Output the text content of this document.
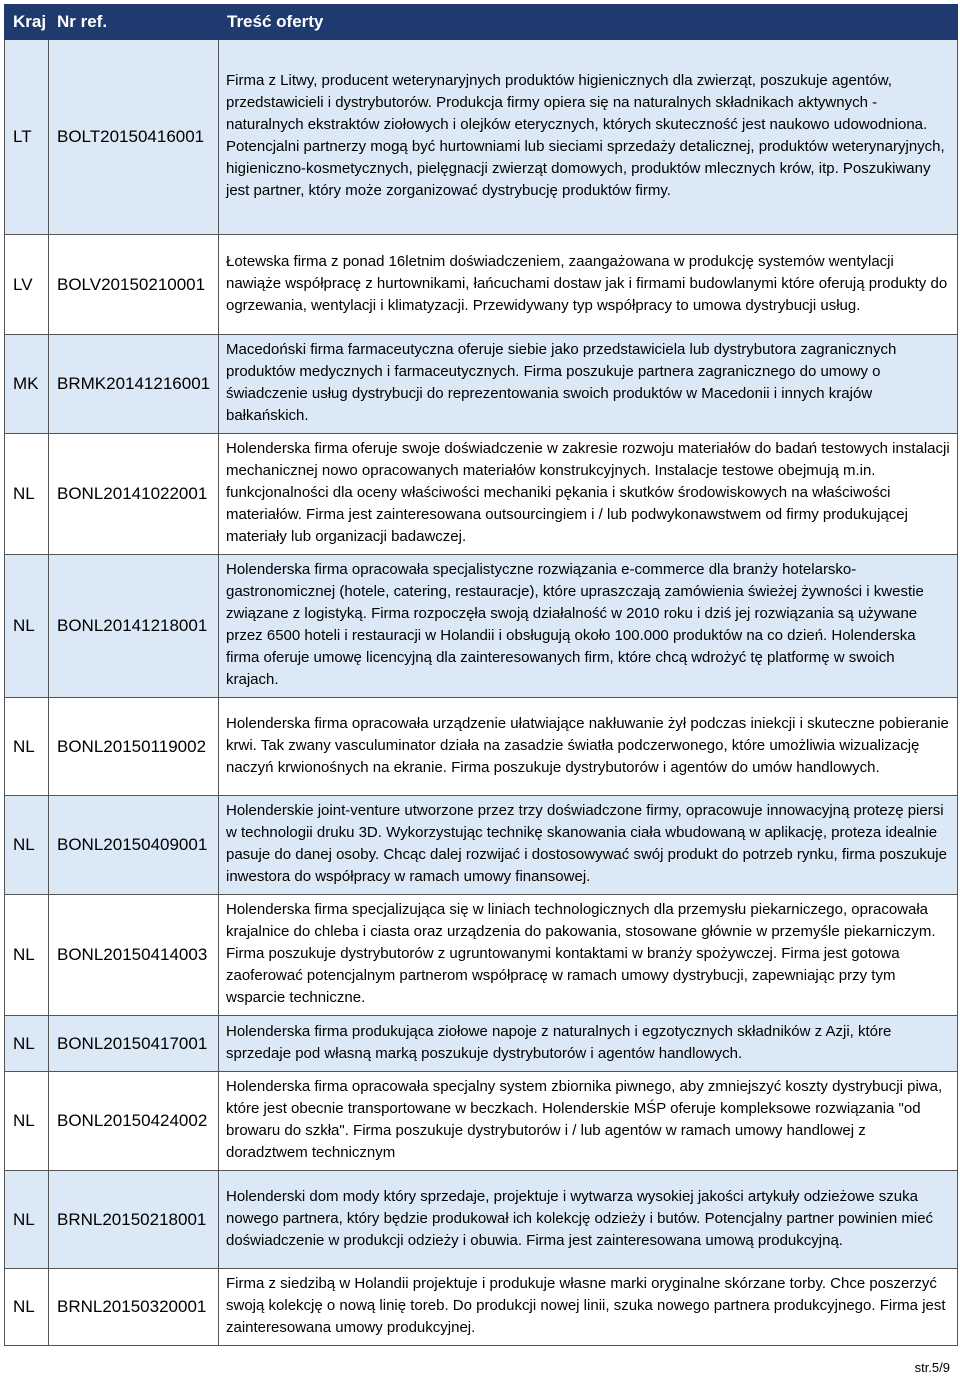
Kraj	Nr ref.	Treść oferty
LT	BOLT20150416001	Firma z Litwy, producent weterynaryjnych produktów higienicznych dla zwierząt, poszukuje agentów, przedstawicieli i dystrybutorów. Produkcja firmy opiera się na naturalnych składnikach aktywnych - naturalnych ekstraktów ziołowych i olejków eterycznych, których skuteczność jest naukowo udowodniona. Potencjalni partnerzy mogą być hurtowniami lub sieciami sprzedaży detalicznej, produktów weterynaryjnych, higieniczno-kosmetycznych, pielęgnacji zwierząt domowych, produktów mlecznych krów, itp. Poszukiwany jest partner, który może zorganizować dystrybucję produktów firmy.
LV	BOLV20150210001	Łotewska firma z ponad 16letnim doświadczeniem, zaangażowana w produkcję systemów wentylacji nawiąże współpracę z hurtownikami, łańcuchami dostaw jak i firmami budowlanymi które oferują produkty do ogrzewania, wentylacji i klimatyzacji. Przewidywany typ współpracy to umowa dystrybucji usług.
MK	BRMK20141216001	Macedoński firma farmaceutyczna oferuje siebie jako przedstawiciela lub dystrybutora zagranicznych produktów medycznych i farmaceutycznych. Firma poszukuje partnera zagranicznego do umowy o świadczenie usług dystrybucji do reprezentowania swoich produktów w Macedonii i innych krajów bałkańskich.
NL	BONL20141022001	Holenderska firma oferuje swoje doświadczenie w zakresie rozwoju materiałów do badań testowych instalacji mechanicznej nowo opracowanych materiałów konstrukcyjnych. Instalacje testowe obejmują m.in. funkcjonalności dla oceny właściwości mechaniki pękania i skutków środowiskowych na właściwości materiałów. Firma jest zainteresowana outsourcingiem i / lub podwykonawstwem od firmy produkującej materiały lub organizacji badawczej.
NL	BONL20141218001	Holenderska firma opracowała specjalistyczne rozwiązania e-commerce dla branży hotelarsko-gastronomicznej (hotele, catering, restauracje), które upraszczają zamówienia świeżej żywności i kwestie związane z logistyką. Firma rozpoczęła swoją działalność w 2010 roku i dziś jej rozwiązania są używane przez 6500 hoteli i restauracji w Holandii i obsługują około 100.000 produktów na co dzień. Holenderska firma oferuje umowę licencyjną dla zainteresowanych firm, które chcą wdrożyć tę platformę w swoich krajach.
NL	BONL20150119002	Holenderska firma opracowała urządzenie ułatwiające nakłuwanie żył podczas iniekcji i skuteczne pobieranie krwi. Tak zwany vasculuminator działa na zasadzie światła podczerwonego, które umożliwia wizualizację naczyń krwionośnych na ekranie. Firma poszukuje dystrybutorów i agentów do umów handlowych.
NL	BONL20150409001	Holenderskie joint-venture utworzone przez trzy doświadczone firmy, opracowuje innowacyjną protezę piersi w technologii druku 3D. Wykorzystując technikę skanowania ciała wbudowaną w aplikację, proteza idealnie pasuje do danej osoby. Chcąc dalej rozwijać i dostosowywać swój produkt do potrzeb rynku, firma poszukuje inwestora do współpracy w ramach umowy finansowej.
NL	BONL20150414003	Holenderska firma specjalizująca się w liniach technologicznych dla przemysłu piekarniczego, opracowała krajalnice do chleba i ciasta oraz urządzenia do pakowania, stosowane głównie w przemyśle piekarniczym. Firma poszukuje dystrybutorów z ugruntowanymi kontaktami w branży spożywczej. Firma jest gotowa zaoferować potencjalnym partnerom współpracę w ramach umowy dystrybucji, zapewniając przy tym wsparcie techniczne.
NL	BONL20150417001	Holenderska firma produkująca ziołowe napoje z naturalnych i egzotycznych składników z Azji, które sprzedaje pod własną marką poszukuje dystrybutorów i agentów handlowych.
NL	BONL20150424002	Holenderska firma opracowała specjalny system zbiornika piwnego, aby zmniejszyć koszty dystrybucji piwa, które jest obecnie transportowane w beczkach. Holenderskie MŚP oferuje kompleksowe rozwiązania "od browaru do szkła". Firma poszukuje dystrybutorów i / lub agentów w ramach umowy handlowej z doradztwem technicznym
NL	BRNL20150218001	Holenderski dom mody który sprzedaje, projektuje i wytwarza wysokiej jakości artykuły odzieżowe szuka nowego partnera, który będzie produkował ich kolekcję odzieży i butów. Potencjalny partner powinien mieć doświadczenie w produkcji odzieży i obuwia. Firma jest zainteresowana umową produkcyjną.
NL	BRNL20150320001	Firma z siedzibą w Holandii projektuje i produkuje własne marki oryginalne skórzane torby. Chce poszerzyć swoją kolekcję o nową linię toreb. Do produkcji nowej linii, szuka nowego partnera produkcyjnego. Firma jest zainteresowana umowy produkcyjnej.
str.5/9
